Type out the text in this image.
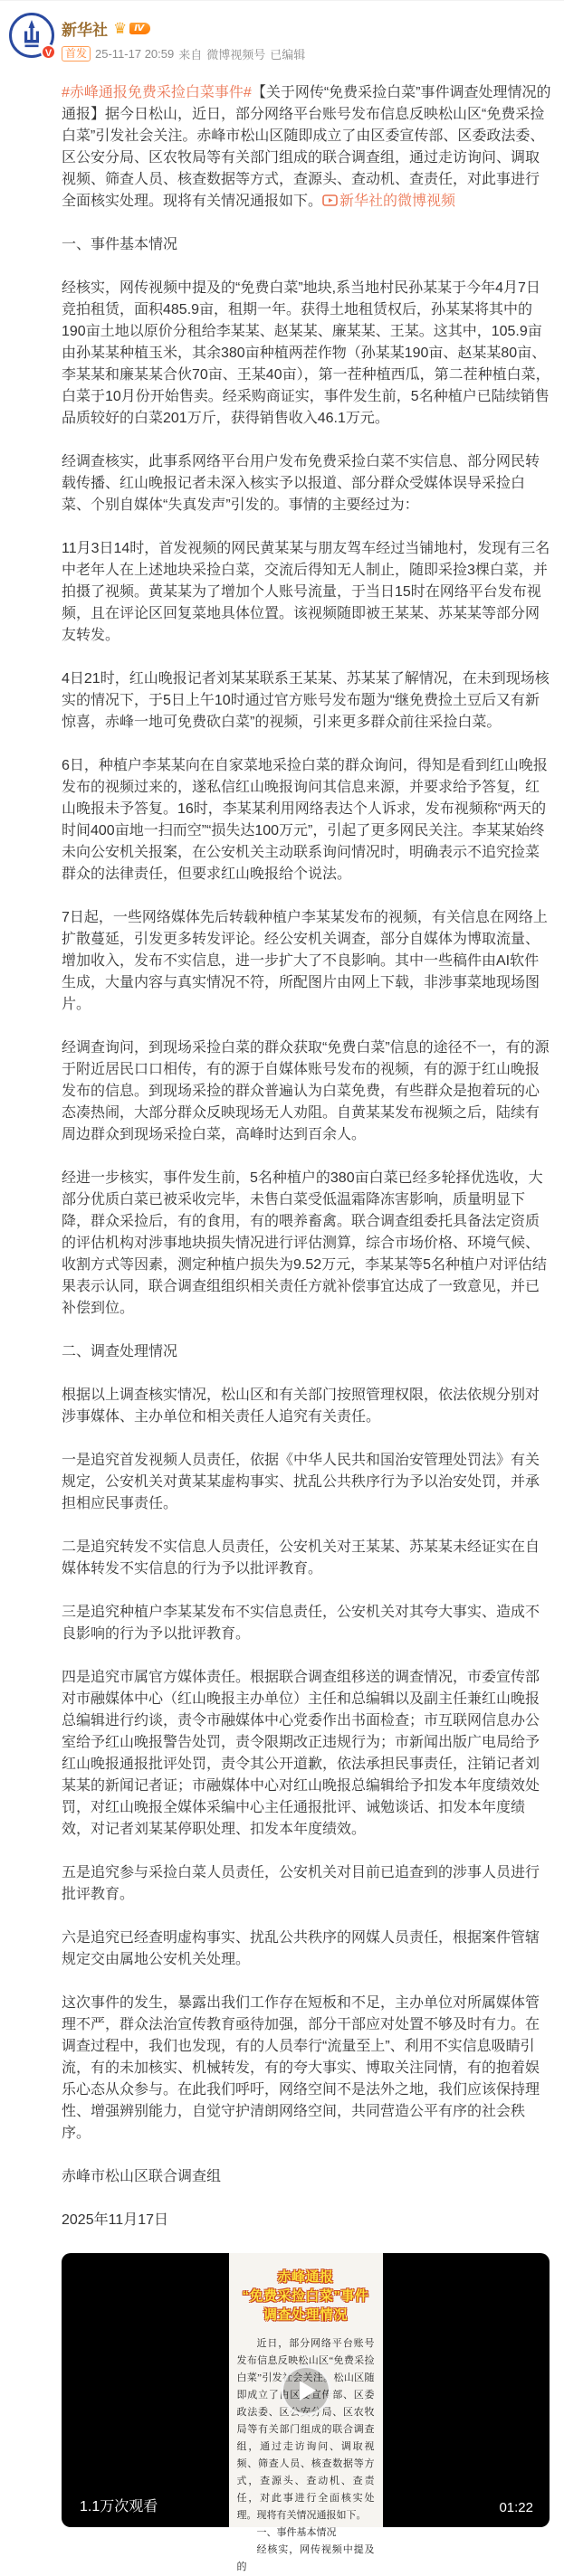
V
新华社 ♛ Ⅳ
首发 25-11-17 20:59 来自 微博视频号 已编辑

#赤峰通报免费采捡白菜事件#【关于网传“免费采捡白菜”事件调查处理情况的通报】据今日松山，近日，部分网络平台账号发布信息反映松山区“免费采捡白菜”引发社会关注。赤峰市松山区随即成立了由区委宣传部、区委政法委、区公安分局、区农牧局等有关部门组成的联合调查组，通过走访询问、调取视频、筛查人员、核查数据等方式，查源头、查动机、查责任，对此事进行全面核实处理。现将有关情况通报如下。 新华社的微博视频

一、事件基本情况

经核实，网传视频中提及的“免费白菜”地块,系当地村民孙某某于今年4月7日竞拍租赁，面积485.9亩，租期一年。获得土地租赁权后，孙某某将其中的190亩土地以原价分租给李某某、赵某某、廉某某、王某。这其中，105.9亩由孙某某种植玉米，其余380亩种植两茬作物（孙某某190亩、赵某某80亩、李某某和廉某某合伙70亩、王某40亩），第一茬种植西瓜，第二茬种植白菜，白菜于10月份开始售卖。经采购商证实，事件发生前，5名种植户已陆续销售品质较好的白菜201万斤，获得销售收入46.1万元。

经调查核实，此事系网络平台用户发布免费采捡白菜不实信息、部分网民转载传播、红山晚报记者未深入核实予以报道、部分群众受媒体误导采捡白菜、个别自媒体“失真发声”引发的。事情的主要经过为：

11月3日14时，首发视频的网民黄某某与朋友驾车经过当铺地村，发现有三名中老年人在上述地块采捡白菜，交流后得知无人制止，随即采捡3棵白菜，并拍摄了视频。黄某某为了增加个人账号流量，于当日15时在网络平台发布视频，且在评论区回复菜地具体位置。该视频随即被王某某、苏某某等部分网友转发。

4日21时，红山晚报记者刘某某联系王某某、苏某某了解情况，在未到现场核实的情况下，于5日上午10时通过官方账号发布题为“继免费捡土豆后又有新惊喜，赤峰一地可免费砍白菜”的视频，引来更多群众前往采捡白菜。

6日，种植户李某某向在自家菜地采捡白菜的群众询问，得知是看到红山晚报发布的视频过来的，遂私信红山晚报询问其信息来源，并要求给予答复，红山晚报未予答复。16时，李某某利用网络表达个人诉求，发布视频称“两天的时间400亩地一扫而空”“损失达100万元”，引起了更多网民关注。李某某始终未向公安机关报案，在公安机关主动联系询问情况时，明确表示不追究捡菜群众的法律责任，但要求红山晚报给个说法。

7日起，一些网络媒体先后转载种植户李某某发布的视频，有关信息在网络上扩散蔓延，引发更多转发评论。经公安机关调查，部分自媒体为博取流量、增加收入，发布不实信息，进一步扩大了不良影响。其中一些稿件由AI软件生成，大量内容与真实情况不符，所配图片由网上下载，非涉事菜地现场图片。

经调查询问，到现场采捡白菜的群众获取“免费白菜”信息的途径不一，有的源于附近居民口口相传，有的源于自媒体账号发布的视频，有的源于红山晚报发布的信息。到现场采捡的群众普遍认为白菜免费，有些群众是抱着玩的心态凑热闹，大部分群众反映现场无人劝阻。自黄某某发布视频之后，陆续有周边群众到现场采捡白菜，高峰时达到百余人。

经进一步核实，事件发生前，5名种植户的380亩白菜已经多轮择优选收，大部分优质白菜已被采收完毕，未售白菜受低温霜降冻害影响，质量明显下降，群众采捡后，有的食用，有的喂养畜禽。联合调查组委托具备法定资质的评估机构对涉事地块损失情况进行评估测算，综合市场价格、环境气候、收割方式等因素，测定种植户损失为9.52万元，李某某等5名种植户对评估结果表示认同，联合调查组组织相关责任方就补偿事宜达成了一致意见，并已补偿到位。

二、调查处理情况

根据以上调查核实情况，松山区和有关部门按照管理权限，依法依规分别对涉事媒体、主办单位和相关责任人追究有关责任。

一是追究首发视频人员责任，依据《中华人民共和国治安管理处罚法》有关规定，公安机关对黄某某虚构事实、扰乱公共秩序行为予以治安处罚，并承担相应民事责任。

二是追究转发不实信息人员责任，公安机关对王某某、苏某某未经证实在自媒体转发不实信息的行为予以批评教育。

三是追究种植户李某某发布不实信息责任，公安机关对其夸大事实、造成不良影响的行为予以批评教育。

四是追究市属官方媒体责任。根据联合调查组移送的调查情况，市委宣传部对市融媒体中心（红山晚报主办单位）主任和总编辑以及副主任兼红山晚报总编辑进行约谈，责令市融媒体中心党委作出书面检查；市互联网信息办公室给予红山晚报警告处罚，责令限期改正违规行为；市新闻出版广电局给予红山晚报通报批评处罚，责令其公开道歉，依法承担民事责任，注销记者刘某某的新闻记者证；市融媒体中心对红山晚报总编辑给予扣发本年度绩效处罚，对红山晚报全媒体采编中心主任通报批评、诫勉谈话、扣发本年度绩效，对记者刘某某停职处理、扣发本年度绩效。

五是追究参与采捡白菜人员责任，公安机关对目前已追查到的涉事人员进行批评教育。

六是追究已经查明虚构事实、扰乱公共秩序的网媒人员责任，根据案件管辖规定交由属地公安机关处理。

这次事件的发生，暴露出我们工作存在短板和不足，主办单位对所属媒体管理不严，群众法治宣传教育亟待加强，部分干部应对处置不够及时有力。在调查过程中，我们也发现，有的人员奉行“流量至上”、利用不实信息吸睛引流，有的未加核实、机械转发，有的夸大事实、博取关注同情，有的抱着娱乐心态从众参与。在此我们呼吁，网络空间不是法外之地，我们应该保持理性、增强辨别能力，自觉守护清朗网络空间，共同营造公平有序的社会秩序。

赤峰市松山区联合调查组

2025年11月17日

赤峰通报
“免费采捡白菜”事件
调查处理情况

近日，部分网络平台账号发布信息反映松山区“免费采捡白菜”引发社会关注。松山区随即成立了由区委宣传部、区委政法委、区公安分局、区农牧局等有关部门组成的联合调查组，通过走访询问、调取视频、筛查人员、核查数据等方式，查源头、查动机、查责任，对此事进行全面核实处理。现将有关情况通报如下。

一、事件基本情况

经核实，网传视频中提及的

1.1万次观看	01:22
